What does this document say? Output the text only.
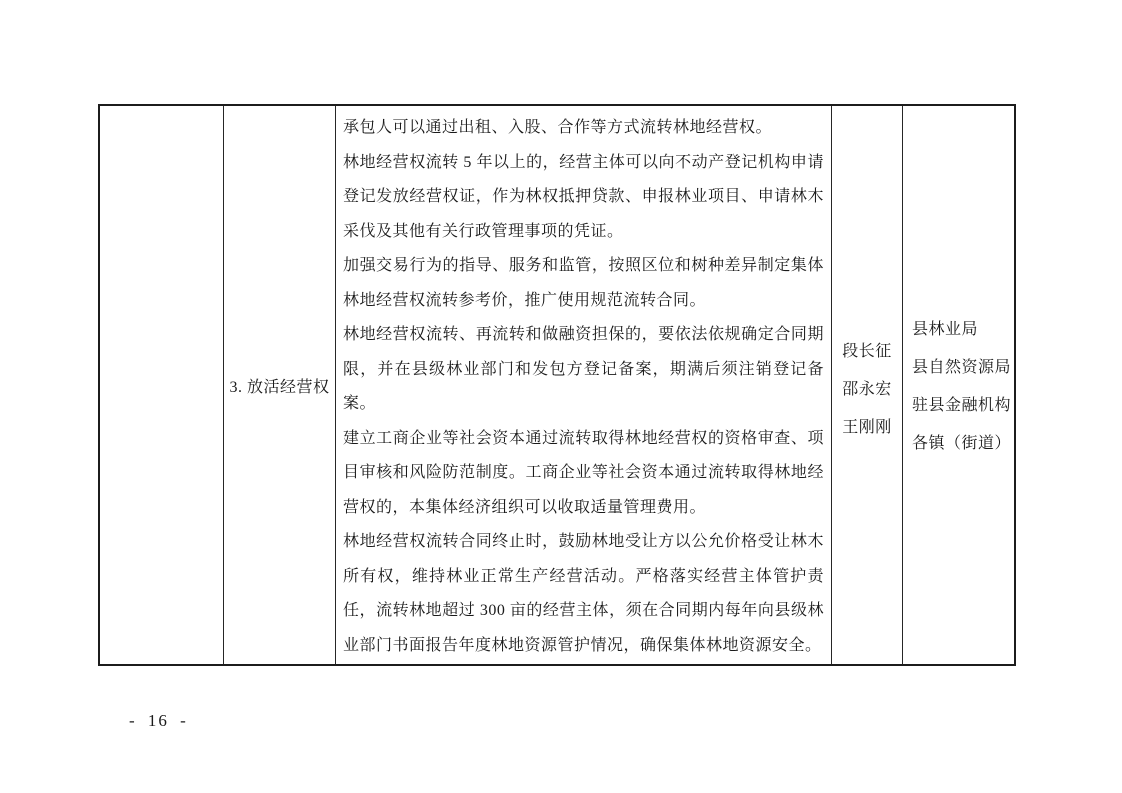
3. 放活经营权

承包人可以通过出租、入股、合作等方式流转林地经营权。

林地经营权流转 5 年以上的，经营主体可以向不动产登记机构申请登记发放经营权证，作为林权抵押贷款、申报林业项目、申请林木采伐及其他有关行政管理事项的凭证。

加强交易行为的指导、服务和监管，按照区位和树种差异制定集体林地经营权流转参考价，推广使用规范流转合同。

林地经营权流转、再流转和做融资担保的，要依法依规确定合同期限，并在县级林业部门和发包方登记备案，期满后须注销登记备案。

建立工商企业等社会资本通过流转取得林地经营权的资格审查、项目审核和风险防范制度。工商企业等社会资本通过流转取得林地经营权的，本集体经济组织可以收取适量管理费用。

林地经营权流转合同终止时，鼓励林地受让方以公允价格受让林木所有权，维持林业正常生产经营活动。严格落实经营主体管护责任，流转林地超过 300 亩的经营主体，须在合同期内每年向县级林业部门书面报告年度林地资源管护情况，确保集体林地资源安全。

段长征
邵永宏
王刚刚
县林业局
县自然资源局
驻县金融机构
各镇（街道）
- 16 -
